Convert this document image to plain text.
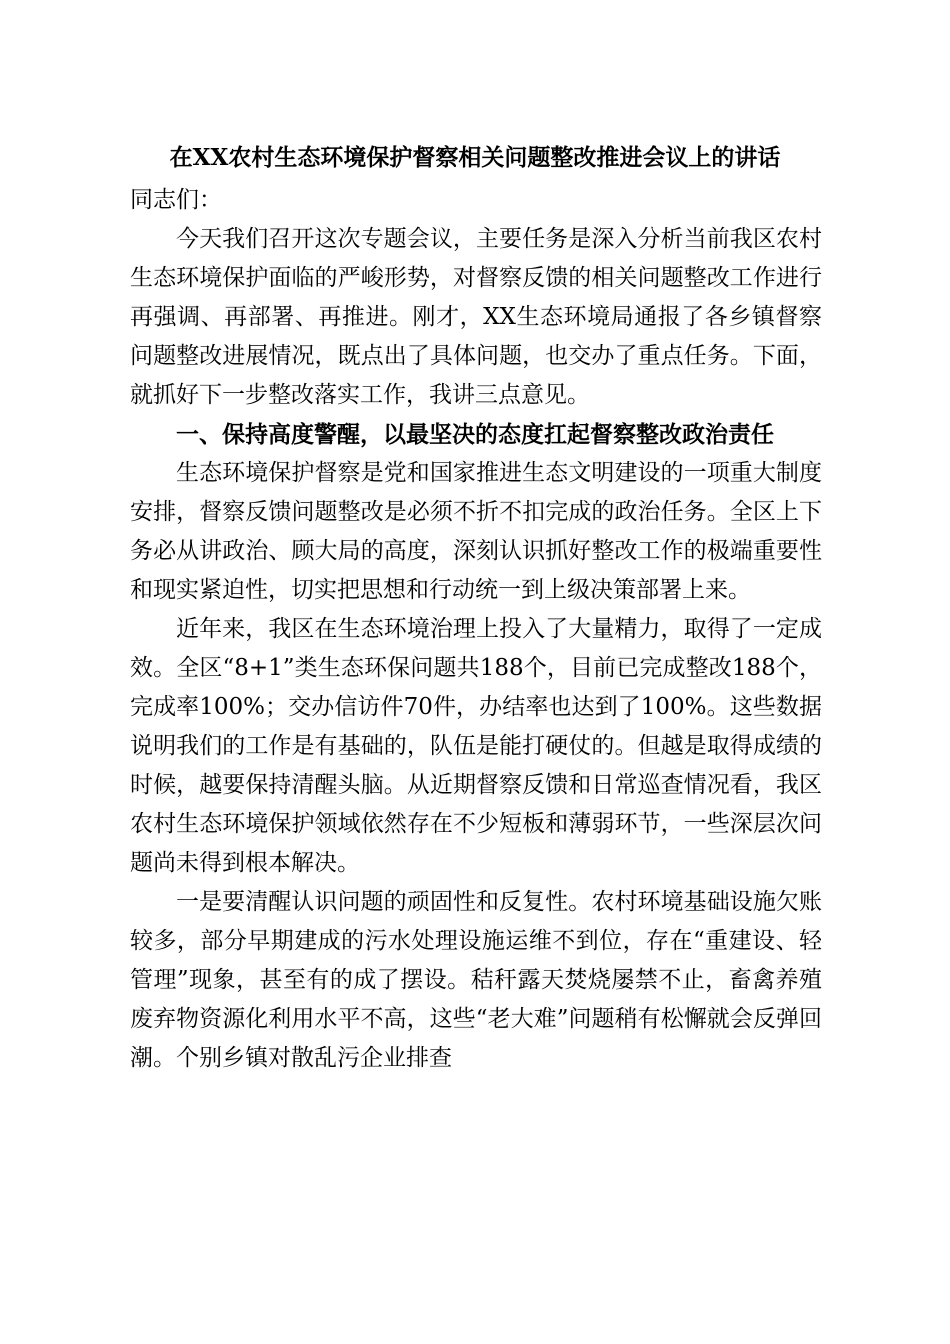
在XX农村生态环境保护督察相关问题整改推进会议上的讲话

同志们：

今天我们召开这次专题会议，主要任务是深入分析当前我区农村生态环境保护面临的严峻形势，对督察反馈的相关问题整改工作进行再强调、再部署、再推进。刚才，XX生态环境局通报了各乡镇督察问题整改进展情况，既点出了具体问题，也交办了重点任务。下面，就抓好下一步整改落实工作，我讲三点意见。

一、保持高度警醒，以最坚决的态度扛起督察整改政治责任

生态环境保护督察是党和国家推进生态文明建设的一项重大制度安排，督察反馈问题整改是必须不折不扣完成的政治任务。全区上下务必从讲政治、顾大局的高度，深刻认识抓好整改工作的极端重要性和现实紧迫性，切实把思想和行动统一到上级决策部署上来。

近年来，我区在生态环境治理上投入了大量精力，取得了一定成效。全区“8+1”类生态环保问题共188个，目前已完成整改188个，完成率100%；交办信访件70件，办结率也达到了100%。这些数据说明我们的工作是有基础的，队伍是能打硬仗的。但越是取得成绩的时候，越要保持清醒头脑。从近期督察反馈和日常巡查情况看，我区农村生态环境保护领域依然存在不少短板和薄弱环节，一些深层次问题尚未得到根本解决。

一是要清醒认识问题的顽固性和反复性。农村环境基础设施欠账较多，部分早期建成的污水处理设施运维不到位，存在“重建设、轻管理”现象，甚至有的成了摆设。秸秆露天焚烧屡禁不止，畜禽养殖废弃物资源化利用水平不高，这些“老大难”问题稍有松懈就会反弹回潮。个别乡镇对散乱污企业排查
